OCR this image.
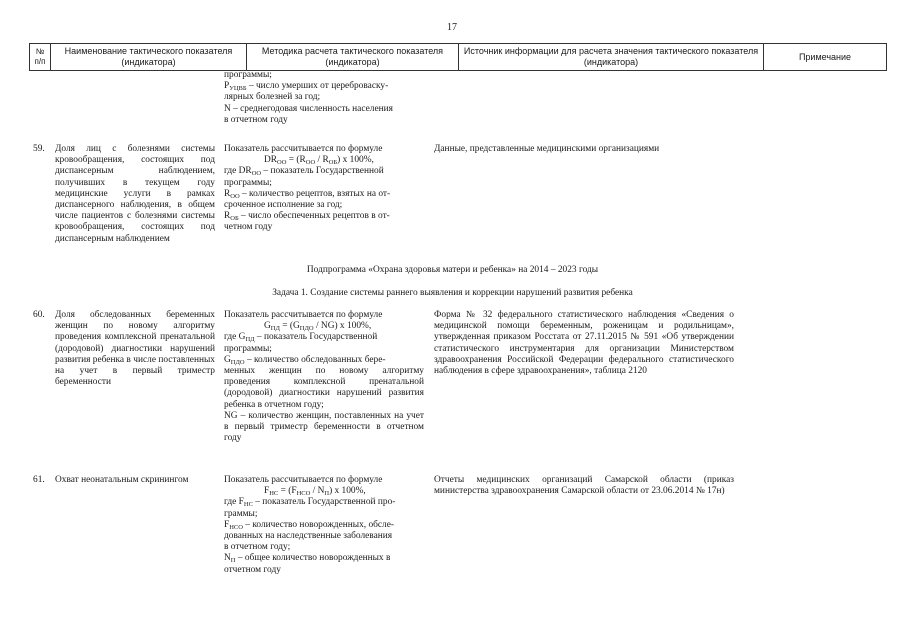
17
№ п/п
Наименование тактического показателя (индикатора)
Методика расчета тактического показателя (индикатора)
Источник информации для расчета значения тактического показателя (индикатора)
Примечание
программы;
$P_{УЦВБ}$ – число умерших от цереброваску-
лярных болезней за год;
N – среднегодовая численность населения
в отчетном году
59. Доля лиц с болезнями системы кровообращения, состоящих под диспансерным наблюдением, получивших в текущем году медицинские услуги в рамках диспансерного наблюдения, в общем числе пациентов с болезнями системы кровообращения, состоящих под диспансерным наблюдением
Показатель рассчитывается по формуле
$DR_{ОО} = (R_{ОО} / R_{ОБ})$ x 100%,
где $DR_{ОО}$ – показатель Государственной
программы;
$R_{ОО}$ – количество рецептов, взятых на от-
сроченное исполнение за год;
$R_{ОБ}$ – число обеспеченных рецептов в от-
четном году
Данные, представленные медицинскими организациями
Подпрограмма «Охрана здоровья матери и ребенка» на 2014 – 2023 годы
Задача 1. Создание системы раннего выявления и коррекции нарушений развития ребенка
60. Доля обследованных беременных женщин по новому алгоритму проведения комплексной пренатальной (дородовой) диагностики нарушений развития ребенка в числе поставленных на учет в первый триместр беременности
Показатель рассчитывается по формуле
$G_{ПД} = (G_{ПДО} / NG)$ x 100%,
где $G_{ПД}$ – показатель Государственной
программы;
$G_{ПДО}$ – количество обследованных бере-
менных женщин по новому алгоритму проведения комплексной пренатальной (дородовой) диагностики нарушений развития ребенка в отчетном году;
NG – количество женщин, поставленных на учет в первый триместр беременности в отчетном году
Форма № 32 федерального статистического наблюдения «Сведения о медицинской помощи беременным, роженицам и родильницам», утвержденная приказом Росстата от 27.11.2015 № 591 «Об утверждении статистического инструментария для организации Министерством здравоохранения Российской Федерации федерального статистического наблюдения в сфере здравоохранения», таблица 2120
61. Охват неонатальным скринингом	Показатель рассчитывается по формуле
$F_{НС} = (F_{НСО} / N_П)$ x 100%,
где $F_{НС}$ – показатель Государственной про-
граммы;
$F_{НСО}$ – количество новорожденных, обсле-
дованных на наследственные заболевания
в отчетном году;
$N_П$ – общее количество новорожденных в
отчетном году
Отчеты медицинских организаций Самарской области (приказ министерства здравоохранения Самарской области от 23.06.2014 № 17н)
